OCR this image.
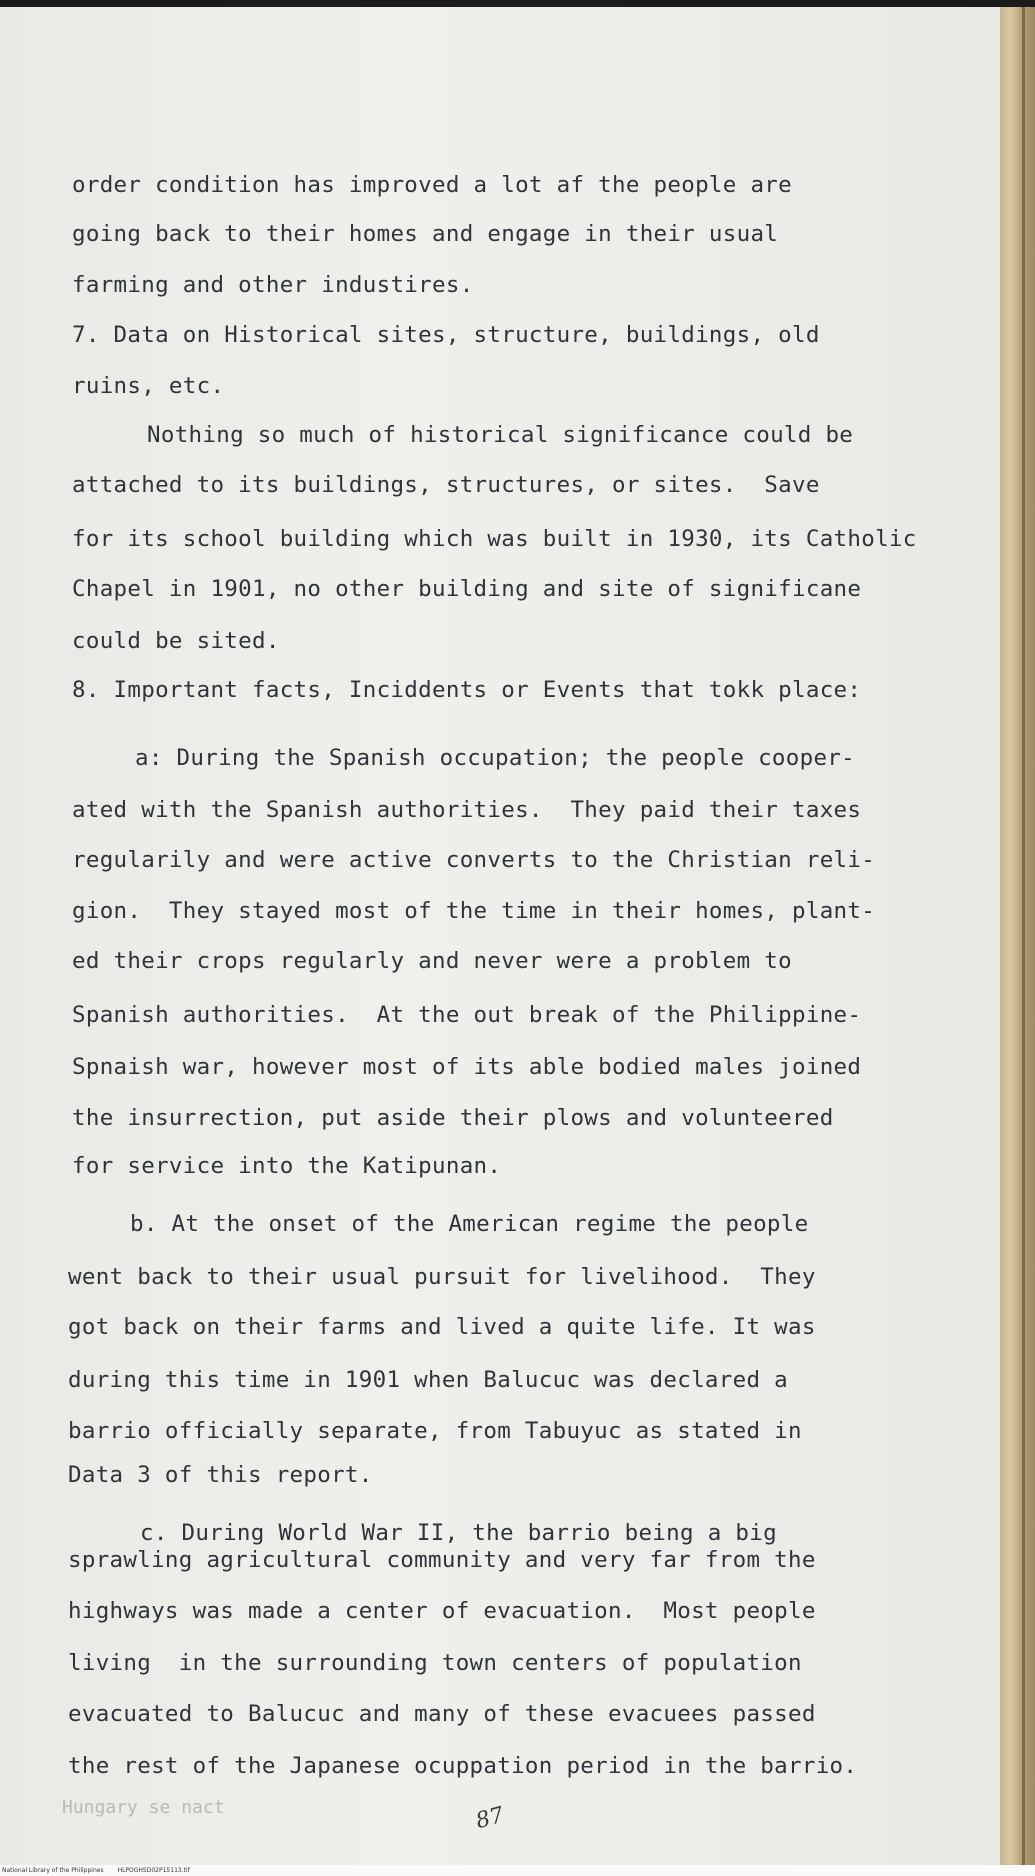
order condition has improved a lot af the people are
going back to their homes and engage in their usual
farming and other industires.
7. Data on Historical sites, structure, buildings, old
ruins, etc.
Nothing so much of historical significance could be
attached to its buildings, structures, or sites.  Save
for its school building which was built in 1930, its Catholic
Chapel in 1901, no other building and site of significane
could be sited.
8. Important facts, Inciddents or Events that tokk place:
a: During the Spanish occupation; the people cooper-
ated with the Spanish authorities.  They paid their taxes
regularily and were active converts to the Christian reli-
gion.  They stayed most of the time in their homes, plant-
ed their crops regularly and never were a problem to
Spanish authorities.  At the out break of the Philippine-
Spnaish war, however most of its able bodied males joined
the insurrection, put aside their plows and volunteered
for service into the Katipunan.
b. At the onset of the American regime the people
went back to their usual pursuit for livelihood.  They
got back on their farms and lived a quite life. It was
during this time in 1901 when Balucuc was declared a
barrio officially separate, from Tabuyuc as stated in
Data 3 of this report.
c. During World War II, the barrio being a big
sprawling agricultural community and very far from the
highways was made a center of evacuation.  Most people
living  in the surrounding town centers of population
evacuated to Balucuc and many of these evacuees passed
the rest of the Japanese ocuppation period in the barrio.
Hungary se nact	87
National Library of the Philippines HLPOGHSD02P15113.tif
